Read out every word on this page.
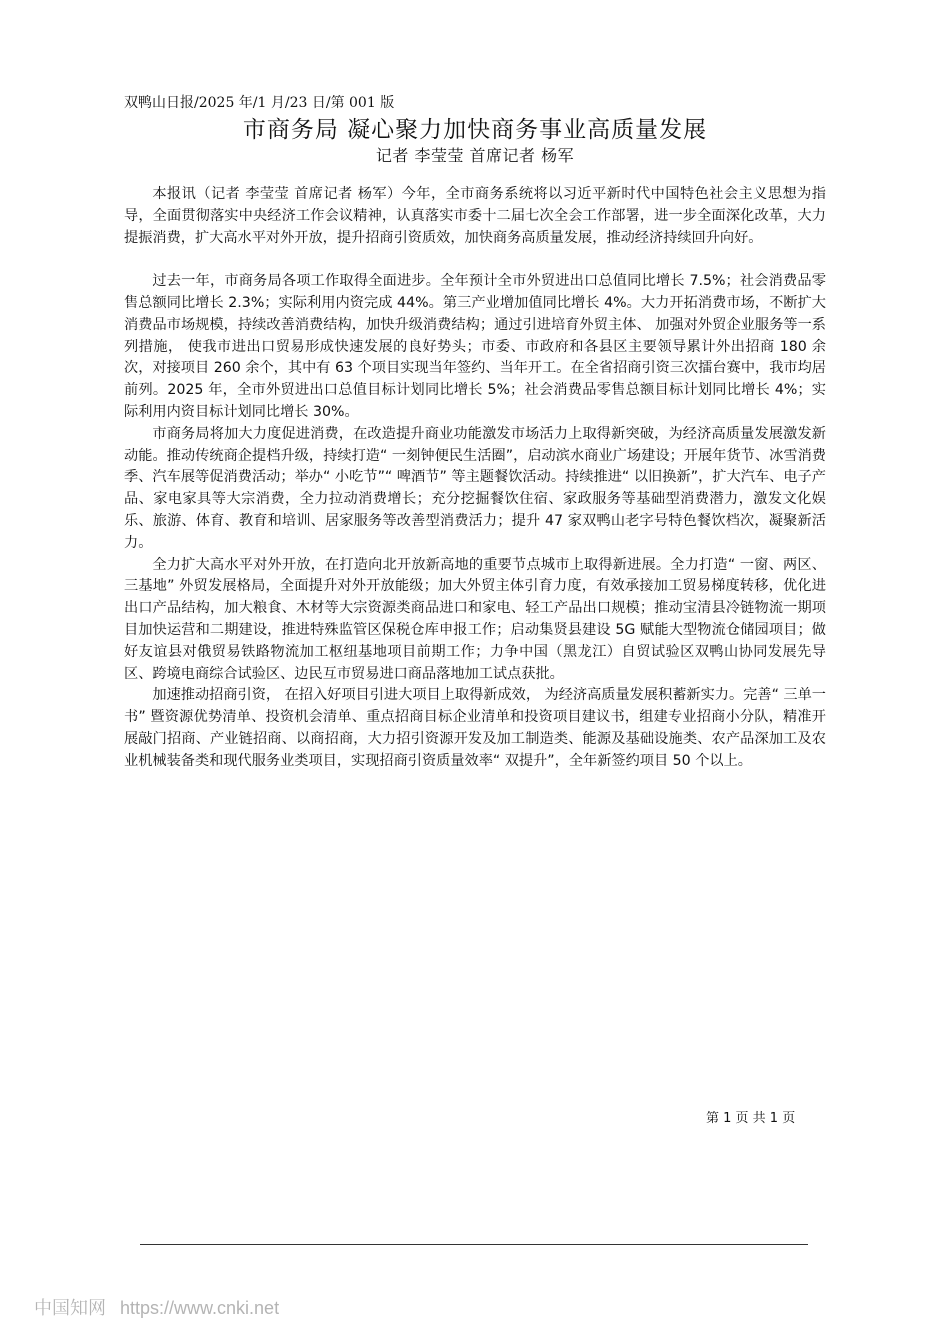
双鸭山日报/2025 年/1 月/23 日/第 001 版
市商务局 凝心聚力加快商务事业高质量发展
记者 李莹莹 首席记者 杨军

本报讯（记者 李莹莹 首席记者 杨军）今年，全市商务系统将以习近平新时代中国特色社会主义思想为指导，全面贯彻落实中央经济工作会议精神，认真落实市委十二届七次全会工作部署，进一步全面深化改革，大力提振消费，扩大高水平对外开放，提升招商引资质效，加快商务高质量发展，推动经济持续回升向好。

过去一年，市商务局各项工作取得全面进步。全年预计全市外贸进出口总值同比增长 7.5%；社会消费品零售总额同比增长 2.3%；实际利用内资完成 44%。第三产业增加值同比增长 4%。大力开拓消费市场，不断扩大消费品市场规模，持续改善消费结构，加快升级消费结构；通过引进培育外贸主体、 加强对外贸企业服务等一系列措施， 使我市进出口贸易形成快速发展的良好势头；市委、市政府和各县区主要领导累计外出招商 180 余次，对接项目 260 余个，其中有 63 个项目实现当年签约、当年开工。在全省招商引资三次擂台赛中，我市均居前列。2025 年，全市外贸进出口总值目标计划同比增长 5%；社会消费品零售总额目标计划同比增长 4%；实际利用内资目标计划同比增长 30%。

市商务局将加大力度促进消费，在改造提升商业功能激发市场活力上取得新突破，为经济高质量发展激发新动能。推动传统商企提档升级，持续打造“ 一刻钟便民生活圈”，启动滨水商业广场建设；开展年货节、冰雪消费季、汽车展等促消费活动；举办“ 小吃节”“ 啤酒节” 等主题餐饮活动。持续推进“ 以旧换新”，扩大汽车、电子产品、家电家具等大宗消费，全力拉动消费增长；充分挖掘餐饮住宿、家政服务等基础型消费潜力，激发文化娱乐、旅游、体育、教育和培训、居家服务等改善型消费活力；提升 47 家双鸭山老字号特色餐饮档次，凝聚新活力。

全力扩大高水平对外开放，在打造向北开放新高地的重要节点城市上取得新进展。全力打造“ 一窗、两区、三基地” 外贸发展格局，全面提升对外开放能级；加大外贸主体引育力度，有效承接加工贸易梯度转移，优化进出口产品结构，加大粮食、木材等大宗资源类商品进口和家电、轻工产品出口规模；推动宝清县冷链物流一期项目加快运营和二期建设，推进特殊监管区保税仓库申报工作；启动集贤县建设 5G 赋能大型物流仓储园项目；做好友谊县对俄贸易铁路物流加工枢纽基地项目前期工作；力争中国（黑龙江）自贸试验区双鸭山协同发展先导区、跨境电商综合试验区、边民互市贸易进口商品落地加工试点获批。

加速推动招商引资， 在招入好项目引进大项目上取得新成效， 为经济高质量发展积蓄新实力。完善“ 三单一书” 暨资源优势清单、投资机会清单、重点招商目标企业清单和投资项目建议书，组建专业招商小分队，精准开展敲门招商、产业链招商、以商招商，大力招引资源开发及加工制造类、能源及基础设施类、农产品深加工及农业机械装备类和现代服务业类项目，实现招商引资质量效率“ 双提升”，全年新签约项目 50 个以上。

第 1 页 共 1 页
中国知网 https://www.cnki.net
